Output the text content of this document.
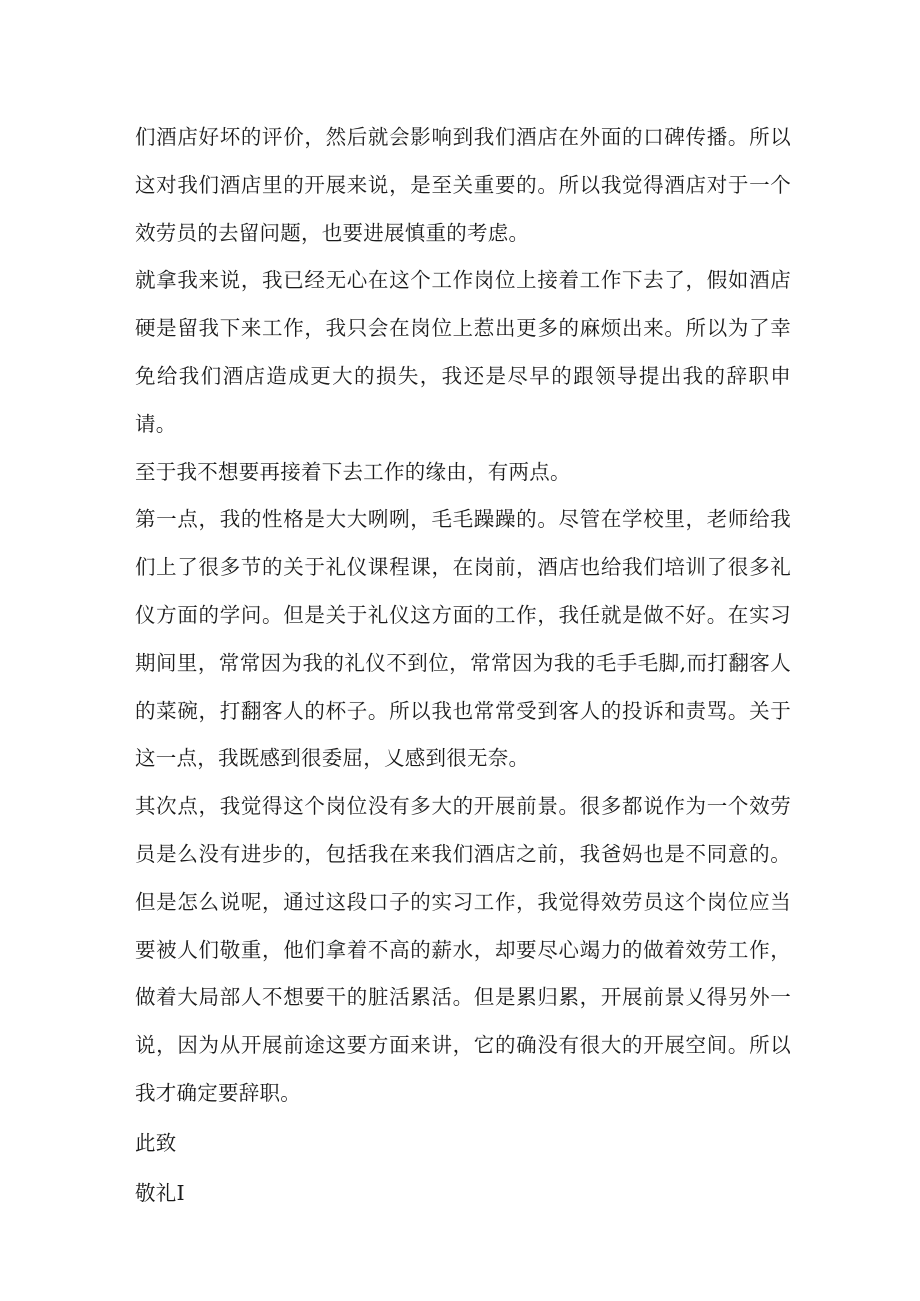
们酒店好坏的评价，然后就会影响到我们酒店在外面的口碑传播。所以这对我们酒店里的开展来说，是至关重要的。所以我觉得酒店对于一个效劳员的去留问题，也要进展慎重的考虑。

就拿我来说，我已经无心在这个工作岗位上接着工作下去了，假如酒店硬是留我下来工作，我只会在岗位上惹出更多的麻烦出来。所以为了幸免给我们酒店造成更大的损失，我还是尽早的跟领导提出我的辞职申请。

至于我不想要再接着下去工作的缘由，有两点。

第一点，我的性格是大大咧咧，毛毛躁躁的。尽管在学校里，老师给我们上了很多节的关于礼仪课程课，在岗前，酒店也给我们培训了很多礼仪方面的学问。但是关于礼仪这方面的工作，我任就是做不好。在实习期间里，常常因为我的礼仪不到位，常常因为我的毛手毛脚,而打翻客人的菜碗，打翻客人的杯子。所以我也常常受到客人的投诉和责骂。关于这一点，我既感到很委屈，乂感到很无奈。

其次点，我觉得这个岗位没有多大的开展前景。很多都说作为一个效劳员是么没有进步的，包括我在来我们酒店之前，我爸妈也是不同意的。但是怎么说呢，通过这段口子的实习工作，我觉得效劳员这个岗位应当要被人们敬重，他们拿着不高的薪水，却要尽心竭力的做着效劳工作，做着大局部人不想要干的脏活累活。但是累归累，开展前景乂得另外一说，因为从开展前途这要方面来讲，它的确没有很大的开展空间。所以我才确定要辞职。

此致

敬礼I
